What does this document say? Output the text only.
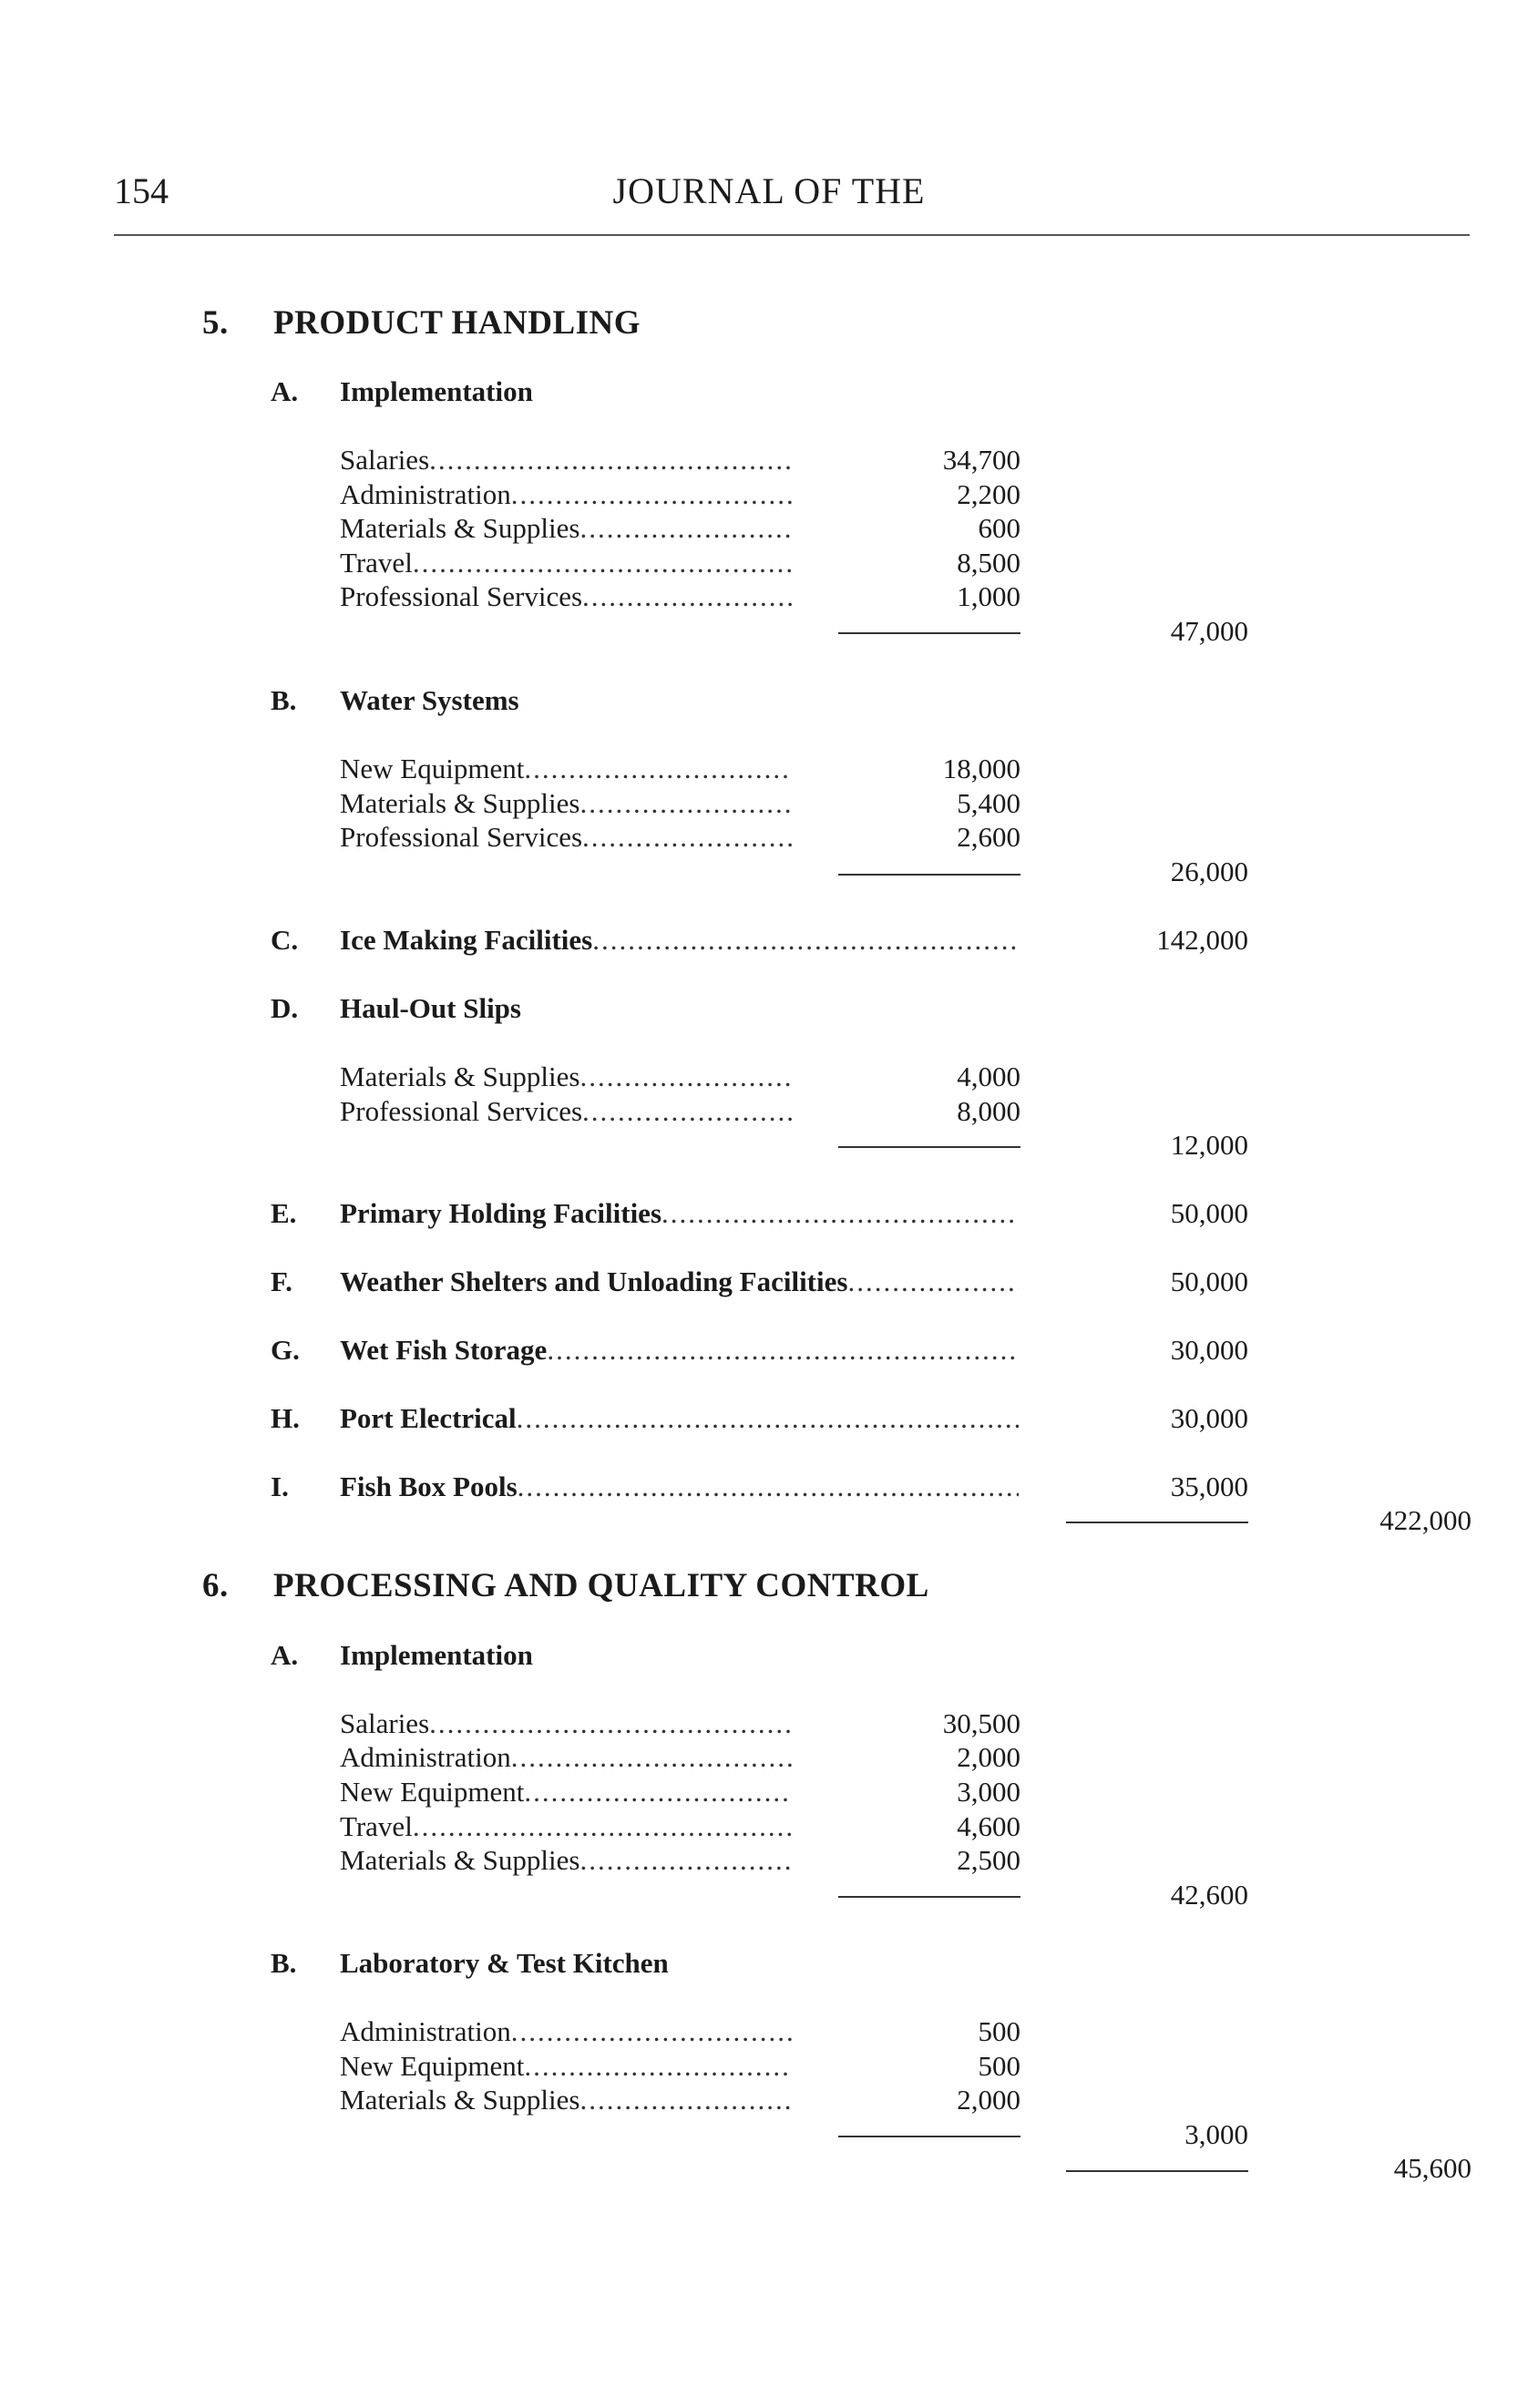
154	JOURNAL OF THE
5. PRODUCT HANDLING
A. Implementation
Salaries .....	34,700
Administration .....	2,200
Materials & Supplies .....	600
Travel .....	8,500
Professional Services .....	1,000
47,000
B. Water Systems
New Equipment .....	18,000
Materials & Supplies .....	5,400
Professional Services .....	2,600
26,000
C.	Ice Making Facilities .....	142,000
D. Haul-Out Slips
Materials & Supplies .....	4,000
Professional Services .....	8,000
12,000
E.	Primary Holding Facilities .....	50,000
F.	Weather Shelters and Unloading Facilities .....	50,000
G.	Wet Fish Storage .....	30,000
H.	Port Electrical .....	30,000
I.	Fish Box Pools .....	35,000
422,000
6. PROCESSING AND QUALITY CONTROL
A. Implementation
Salaries .....	30,500
Administration .....	2,000
New Equipment .....	3,000
Travel .....	4,600
Materials & Supplies .....	2,500
42,600
B. Laboratory & Test Kitchen
Administration .....	500
New Equipment .....	500
Materials & Supplies .....	2,000
3,000
45,600
